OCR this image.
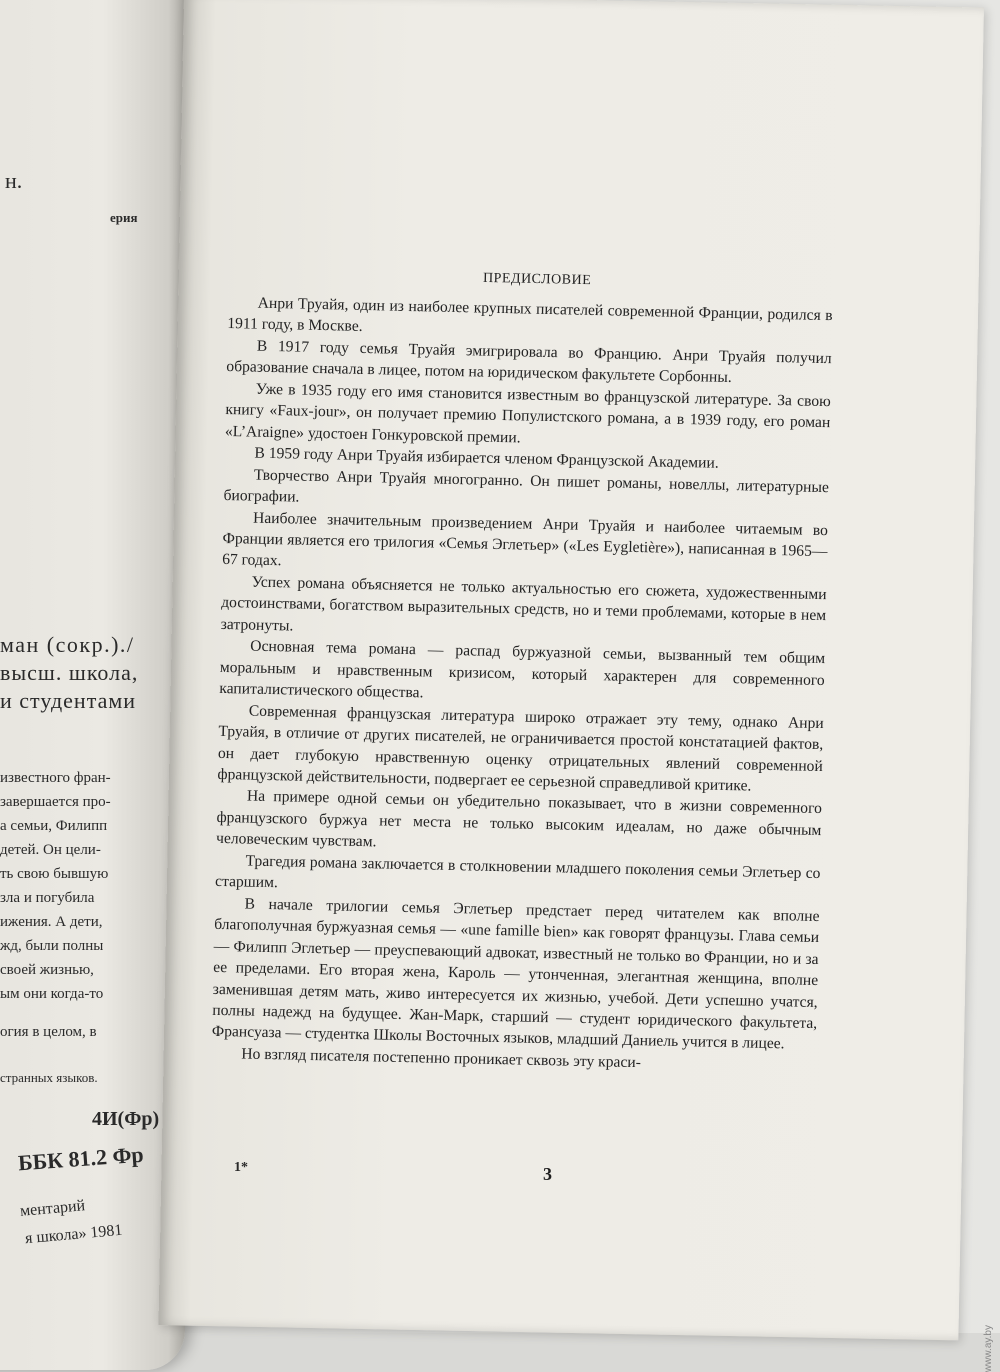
н.
ерия
ман (сокр.)./
высш. школа,
и студентами
известного фран-
завершается про-
а семьи, Филипп
детей. Он цели-
ть свою бывшую
зла и погубила
ижения. А дети,
жд, были полны
своей жизнью,
ым они когда-то
огия в целом, в
странных языков.
4И(Фр)
ББК 81.2 Фр
ментарий
я школа» 1981
ПРЕДИСЛОВИЕ

Анри Труайя, один из наиболее крупных писателей современной Франции, родился в 1911 году, в Москве.

В 1917 году семья Труайя эмигрировала во Францию. Анри Труайя получил образование сначала в лицее, потом на юридическом факультете Сорбонны.

Уже в 1935 году его имя становится известным во французской литературе. За свою книгу «Faux-jour», он получает премию Популистского романа, а в 1939 году, его роман «L’Araigne» удостоен Гонкуровской премии.

В 1959 году Анри Труайя избирается членом Французской Академии.

Творчество Анри Труайя многогранно. Он пишет романы, новеллы, литературные биографии.

Наиболее значительным произведением Анри Труайя и наиболее читаемым во Франции является его трилогия «Семья Эглетьер» («Les Eygletière»), написанная в 1965—67 годах.

Успех романа объясняется не только актуальностью его сюжета, художественными достоинствами, богатством выразительных средств, но и теми проблемами, которые в нем затронуты.

Основная тема романа — распад буржуазной семьи, вызванный тем общим моральным и нравственным кризисом, который характерен для современного капиталистического общества.

Современная французская литература широко отражает эту тему, однако Анри Труайя, в отличие от других писателей, не ограничивается простой констатацией фактов, он дает глубокую нравственную оценку отрицательных явлений современной французской действительности, подвергает ее серьезной справедливой критике.

На примере одной семьи он убедительно показывает, что в жизни современного французского буржуа нет места не только высоким идеалам, но даже обычным человеческим чувствам.

Трагедия романа заключается в столкновении младшего поколения семьи Эглетьер со старшим.

В начале трилогии семья Эглетьер предстает перед читателем как вполне благополучная буржуазная семья — «une famille bien» как говорят французы. Глава семьи — Филипп Эглетьер — преуспевающий адвокат, известный не только во Франции, но и за ее пределами. Его вторая жена, Кароль — утонченная, элегантная женщина, вполне заменившая детям мать, живо интересуется их жизнью, учебой. Дети успешно учатся, полны надежд на будущее. Жан-Марк, старший — студент юридического факультета, Франсуаза — студентка Школы Восточных языков, младший Даниель учится в лицее.

Но взгляд писателя постепенно проникает сквозь эту краси-

1*	3
www.ay.by
